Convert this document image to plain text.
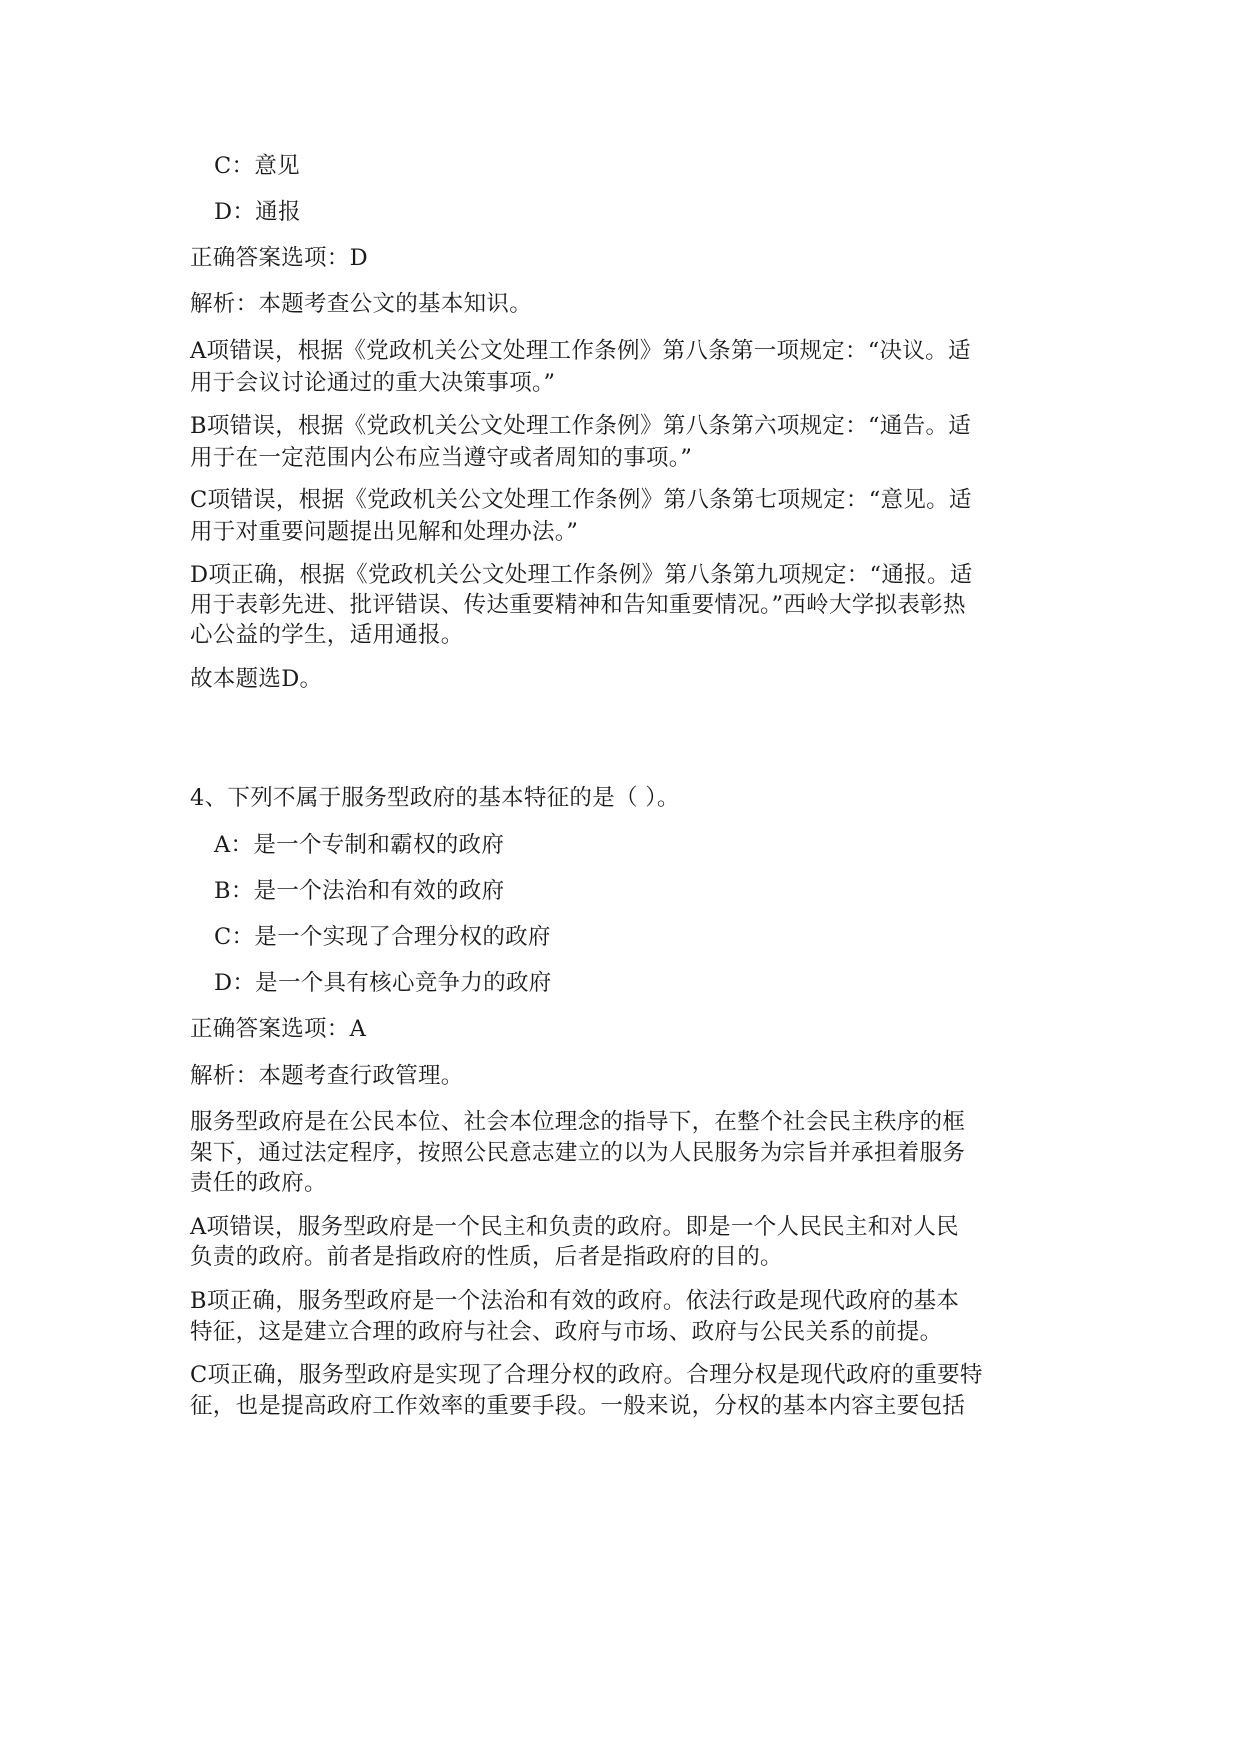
C：意见
D：通报
正确答案选项：D
解析：本题考查公文的基本知识。
A项错误，根据《党政机关公文处理工作条例》第八条第一项规定：“决议。适
用于会议讨论通过的重大决策事项。”
B项错误，根据《党政机关公文处理工作条例》第八条第六项规定：“通告。适
用于在一定范围内公布应当遵守或者周知的事项。”
C项错误，根据《党政机关公文处理工作条例》第八条第七项规定：“意见。适
用于对重要问题提出见解和处理办法。”
D项正确，根据《党政机关公文处理工作条例》第八条第九项规定：“通报。适
用于表彰先进、批评错误、传达重要精神和告知重要情况。”西岭大学拟表彰热
心公益的学生，适用通报。
故本题选D。
4、下列不属于服务型政府的基本特征的是（ ）。
A：是一个专制和霸权的政府
B：是一个法治和有效的政府
C：是一个实现了合理分权的政府
D：是一个具有核心竞争力的政府
正确答案选项：A
解析：本题考查行政管理。
服务型政府是在公民本位、社会本位理念的指导下，在整个社会民主秩序的框
架下，通过法定程序，按照公民意志建立的以为人民服务为宗旨并承担着服务
责任的政府。
A项错误，服务型政府是一个民主和负责的政府。即是一个人民民主和对人民
负责的政府。前者是指政府的性质，后者是指政府的目的。
B项正确，服务型政府是一个法治和有效的政府。依法行政是现代政府的基本
特征，这是建立合理的政府与社会、政府与市场、政府与公民关系的前提。
C项正确，服务型政府是实现了合理分权的政府。合理分权是现代政府的重要特
征，也是提高政府工作效率的重要手段。一般来说，分权的基本内容主要包括
